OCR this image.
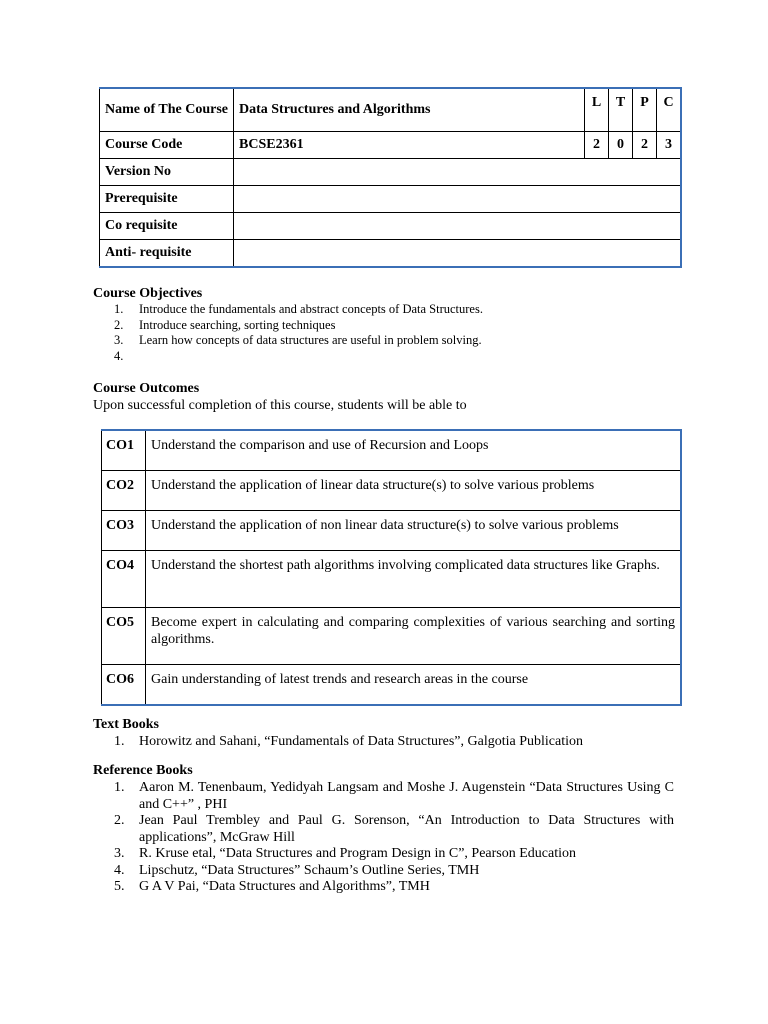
Name of The Course	Data Structures and Algorithms	L	T	P	C
Course Code	BCSE2361	2	0	2	3
Version No					
Prerequisite					
Co requisite					
Anti- requisite					
Course Objectives
1. Introduce the fundamentals and abstract concepts of Data Structures.
2. Introduce searching, sorting techniques
3. Learn how concepts of data structures are useful in problem solving.
4.
Course Outcomes
Upon successful completion of this course, students will be able to
CO1	Understand the comparison and use of Recursion and Loops
CO2	Understand the application of linear data structure(s) to solve various problems
CO3	Understand the application of non linear data structure(s) to solve various problems
CO4	Understand the shortest path algorithms involving complicated data structures like Graphs.
CO5	Become expert in calculating and comparing complexities of various searching and sorting algorithms.
CO6	Gain understanding of latest trends and research areas in the course
Text Books
1. Horowitz and Sahani, “Fundamentals of Data Structures”, Galgotia Publication
Reference Books
1. Aaron M. Tenenbaum, Yedidyah Langsam and Moshe J. Augenstein “Data Structures Using C and C++” , PHI
2. Jean Paul Trembley and Paul G. Sorenson, “An Introduction to Data Structures with applications”, McGraw Hill
3. R. Kruse etal, “Data Structures and Program Design in C”, Pearson Education
4. Lipschutz, “Data Structures” Schaum’s Outline Series, TMH
5. G A V Pai, “Data Structures and Algorithms”, TMH
